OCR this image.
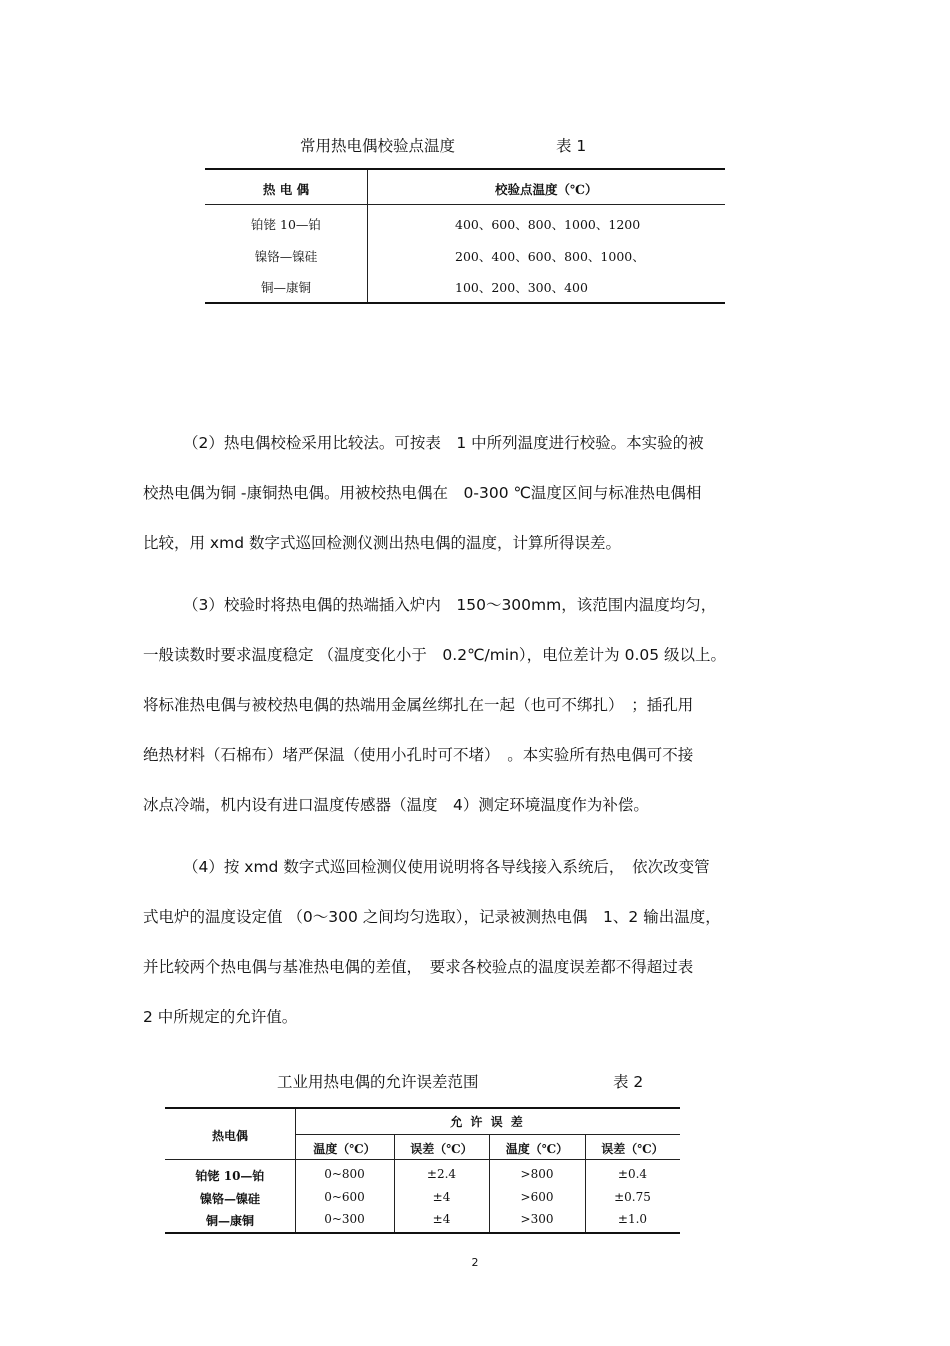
常用热电偶校验点温度	表 1
热 电 偶	校验点温度（℃）
铂铑 10—铂	400、600、800、1000、1200
镍铬—镍硅	200、400、600、800、1000、
铜—康铜	100、200、300、400
（2）热电偶校检采用比较法。可按表　1 中所列温度进行校验。本实验的被
校热电偶为铜 -康铜热电偶。用被校热电偶在　0-300 ℃温度区间与标准热电偶相
比较，用 xmd 数字式巡回检测仪测出热电偶的温度，计算所得误差。
（3）校验时将热电偶的热端插入炉内　150～300mm，该范围内温度均匀，
一般读数时要求温度稳定 （温度变化小于　0.2℃/min），电位差计为 0.05 级以上。
将标准热电偶与被校热电偶的热端用金属丝绑扎在一起（也可不绑扎）　；插孔用
绝热材料（石棉布）堵严保温（使用小孔时可不堵）　。本实验所有热电偶可不接
冰点冷端，机内设有进口温度传感器（温度　4）测定环境温度作为补偿。
（4）按 xmd 数字式巡回检测仪使用说明将各导线接入系统后，　依次改变管
式电炉的温度设定值 （0～300 之间均匀选取），记录被测热电偶　1、2 输出温度，
并比较两个热电偶与基准热电偶的差值，　要求各校验点的温度误差都不得超过表
2 中所规定的允许值。
工业用热电偶的允许误差范围	表 2
热电偶
允 许 误 差
温度（℃）	误差（℃）	温度（℃）	误差（℃）
铂铑 10—铂	0~800	±2.4	>800	±0.4
镍铬—镍硅	0~600	±4	>600	±0.75
铜—康铜	0~300	±4	>300	±1.0
2
